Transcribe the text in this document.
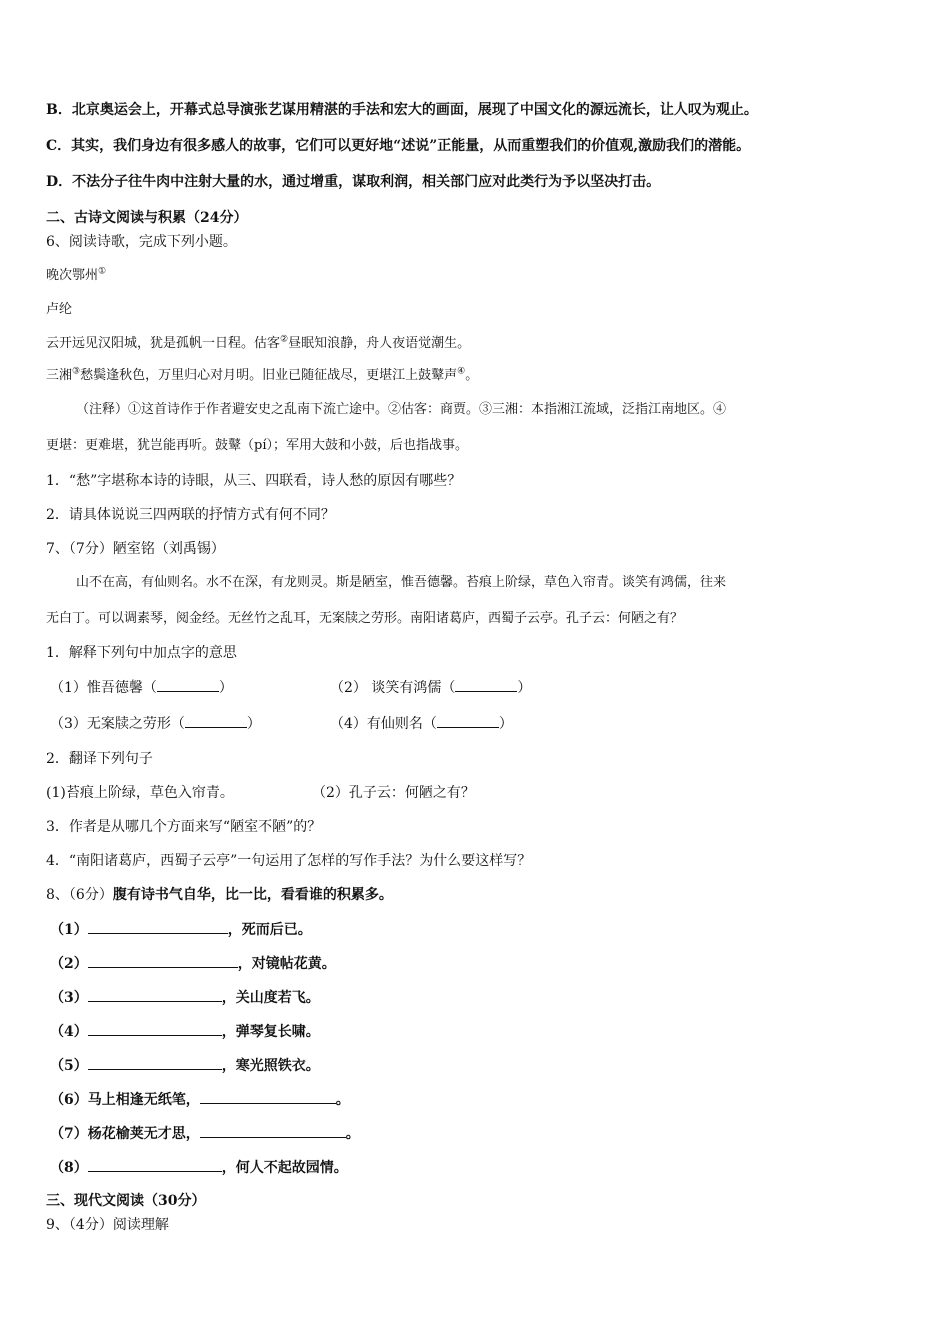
B．北京奥运会上，开幕式总导演张艺谋用精湛的手法和宏大的画面，展现了中国文化的源远流长，让人叹为观止。
C．其实，我们身边有很多感人的故事，它们可以更好地“述说”正能量，从而重塑我们的价值观,激励我们的潜能。
D．不法分子往牛肉中注射大量的水，通过增重，谋取利润，相关部门应对此类行为予以坚决打击。
二、古诗文阅读与积累（24分）
6、阅读诗歌，完成下列小题。
晚次鄂州①
卢纶
云开远见汉阳城，犹是孤帆一日程。估客②昼眠知浪静，舟人夜语觉潮生。
三湘③愁鬓逢秋色，万里归心对月明。旧业已随征战尽，更堪江上鼓鼙声④。
（注释）①这首诗作于作者避安史之乱南下流亡途中。②估客：商贾。③三湘：本指湘江流域，泛指江南地区。④
更堪：更难堪，犹岂能再听。鼓鼙（pí）；军用大鼓和小鼓，后也指战事。
1．“愁”字堪称本诗的诗眼，从三、四联看，诗人愁的原因有哪些？
2．请具体说说三四两联的抒情方式有何不同？
7、（7分）陋室铭（刘禹锡）
山不在高，有仙则名。水不在深，有龙则灵。斯是陋室，惟吾德馨。苔痕上阶绿，草色入帘青。谈笑有鸿儒，往来
无白丁。可以调素琴，阅金经。无丝竹之乱耳，无案牍之劳形。南阳诸葛庐，西蜀子云亭。孔子云：何陋之有？
1．解释下列句中加点字的意思
（1）惟吾德馨（	）	（2） 谈笑有鸿儒（	）
（3）无案牍之劳形（	）	（4）有仙则名（	）
2．翻译下列句子
(1)苔痕上阶绿，草色入帘青。	（2）孔子云：何陋之有？
3．作者是从哪几个方面来写“陋室不陋”的？
4．“南阳诸葛庐，西蜀子云亭”一句运用了怎样的写作手法？为什么要这样写？
8、（6分）腹有诗书气自华，比一比，看看谁的积累多。
（1）	，死而后已。
（2）	，对镜帖花黄。
（3）	，关山度若飞。
（4）	，弹琴复长啸。
（5）	，寒光照铁衣。
（6）马上相逢无纸笔，	。
（7）杨花榆荚无才思，	。
（8）	，何人不起故园情。
三、现代文阅读（30分）
9、（4分）阅读理解
